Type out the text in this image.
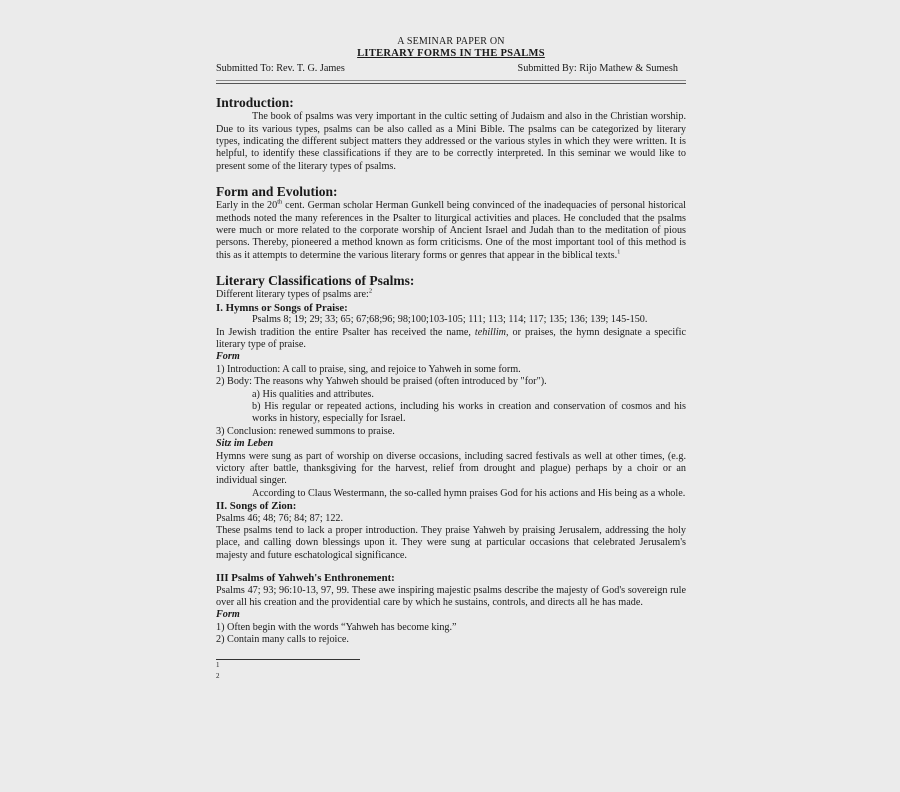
A SEMINAR PAPER ON
LITERARY FORMS IN THE PSALMS
Submitted To: Rev. T. G. James	Submitted By: Rijo Mathew & Sumesh
Introduction:

The book of psalms was very important in the cultic setting of Judaism and also in the Christian worship. Due to its various types, psalms can be also called as a Mini Bible. The psalms can be categorized by literary types, indicating the different subject matters they addressed or the various styles in which they were written. It is helpful, to identify these classifications if they are to be correctly interpreted. In this seminar we would like to present some of the literary types of psalms.

Form and Evolution:

Early in the 20th cent. German scholar Herman Gunkell being convinced of the inadequacies of personal historical methods noted the many references in the Psalter to liturgical activities and places. He concluded that the psalms were much or more related to the corporate worship of Ancient Israel and Judah than to the meditation of pious persons. Thereby, pioneered a method known as form criticisms. One of the most important tool of this method is this as it attempts to determine the various literary forms or genres that appear in the biblical texts.$^1$

Literary Classifications of Psalms:
Different literary types of psalms are:$^2$
I. Hymns or Songs of Praise:

Psalms 8; 19; 29; 33; 65; 67;68;96; 98;100;103-105; 111; 113; 114; 117; 135; 136; 139; 145-150.

In Jewish tradition the entire Psalter has received the name, tehillim, or praises, the hymn designate a specific literary type of praise.

Form
1) Introduction: A call to praise, sing, and rejoice to Yahweh in some form.
2) Body: The reasons why Yahweh should be praised (often introduced by "for").
a) His qualities and attributes.
b) His regular or repeated actions, including his works in creation and conservation of cosmos and his works in history, especially for Israel.
3) Conclusion: renewed summons to praise.
Sitz im Leben

Hymns were sung as part of worship on diverse occasions, including sacred festivals as well at other times, (e.g. victory after battle, thanksgiving for the harvest, relief from drought and plague) perhaps by a choir or an individual singer.

According to Claus Westermann, the so-called hymn praises God for his actions and His being as a whole.

II. Songs of Zion:
Psalms 46; 48; 76; 84; 87; 122.

These psalms tend to lack a proper introduction. They praise Yahweh by praising Jerusalem, addressing the holy place, and calling down blessings upon it. They were sung at particular occasions that celebrated Jerusalem's majesty and future eschatological significance.

III Psalms of Yahweh's Enthronement:

Psalms 47; 93; 96:10-13, 97, 99. These awe inspiring majestic psalms describe the majesty of God's sovereign rule over all his creation and the providential care by which he sustains, controls, and directs all he has made.

Form
1) Often begin with the words “Yahweh has become king.”
2) Contain many calls to rejoice.
1
2
